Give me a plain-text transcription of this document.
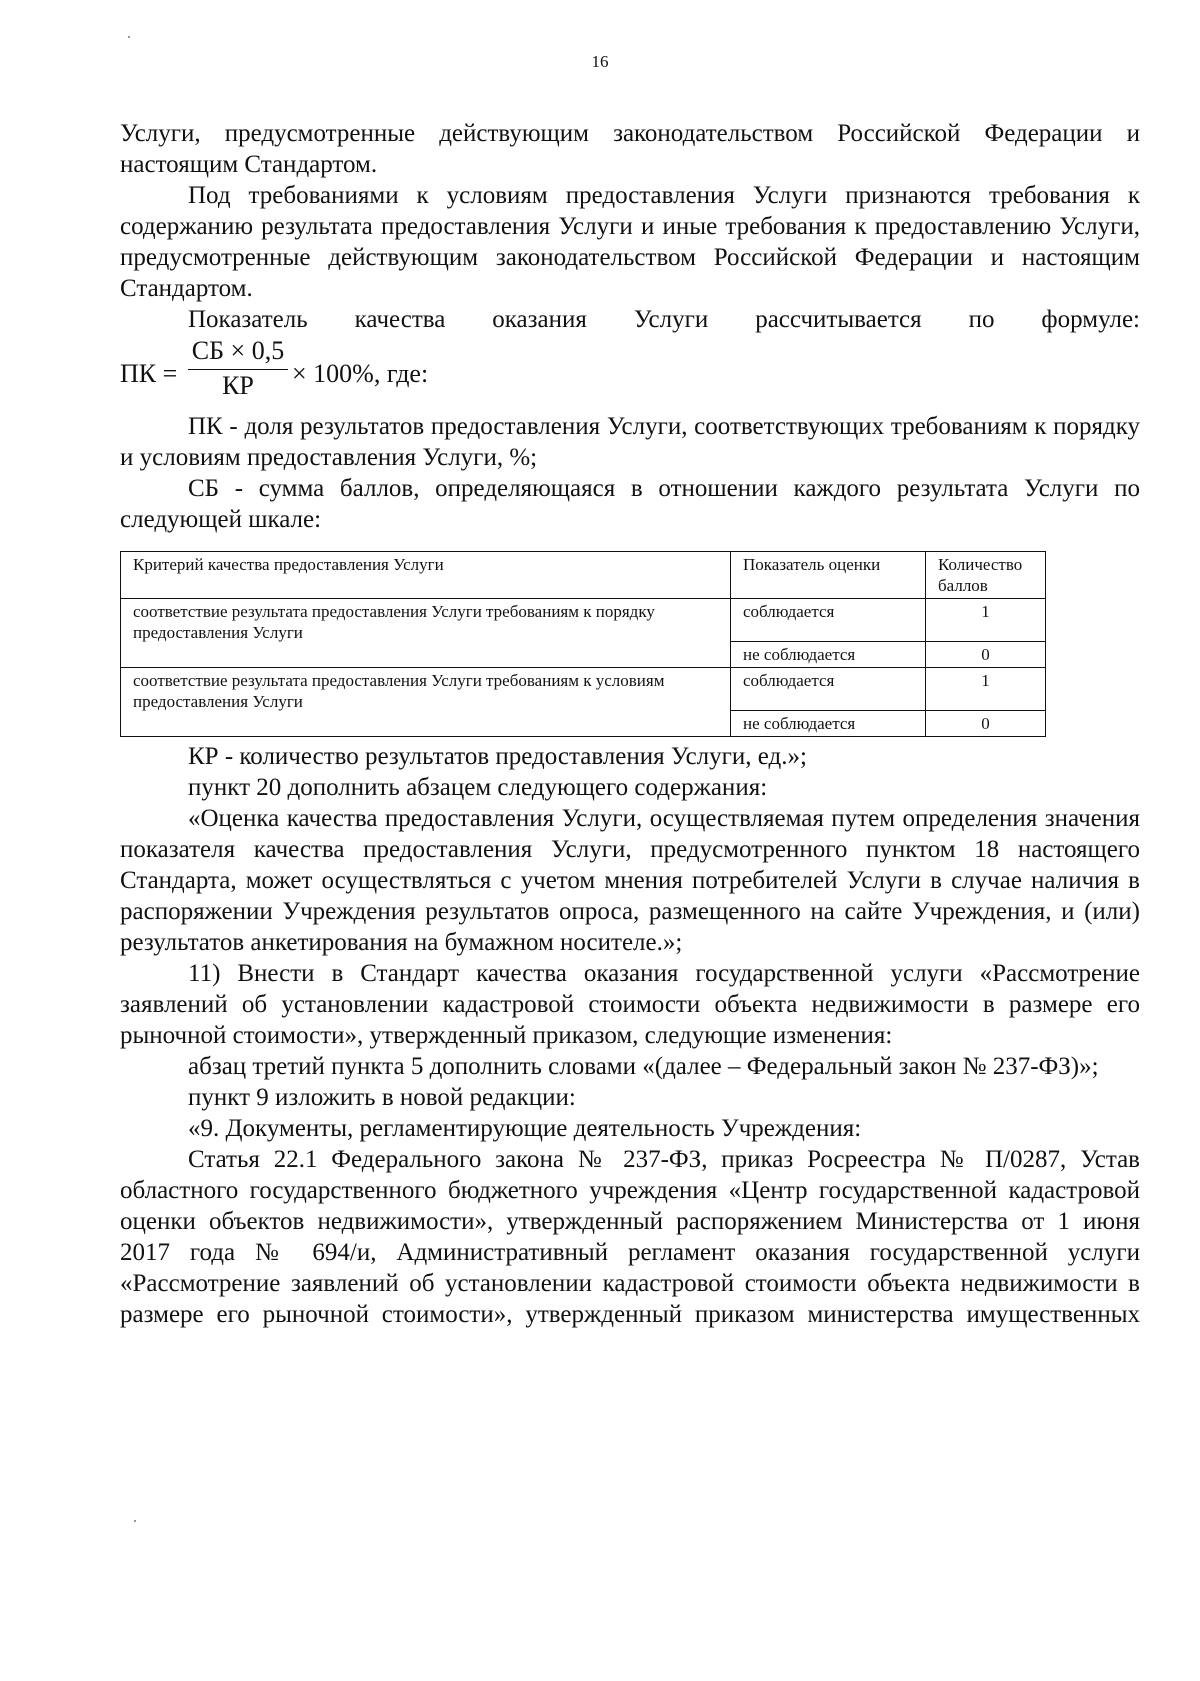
16

Услуги, предусмотренные действующим законодательством Российской Федерации и настоящим Стандартом.

Под требованиями к условиям предоставления Услуги признаются требования к содержанию результата предоставления Услуги и иные требования к предоставлению Услуги, предусмотренные действующим законодательством Российской Федерации и настоящим Стандартом.

Показатель качества оказания Услуги рассчитывается по формуле:

ПК =
СБ × 0,5
КР	× 100%, где:

ПК - доля результатов предоставления Услуги, соответствующих требованиям к порядку и условиям предоставления Услуги, %;

СБ - сумма баллов, определяющаяся в отношении каждого результата Услуги по следующей шкале:

Критерий качества предоставления Услуги	Показатель оценки	Количество баллов
соответствие результата предоставления Услуги требованиям к порядку предоставления Услуги	соблюдается	1
	не соблюдается	0
соответствие результата предоставления Услуги требованиям к условиям предоставления Услуги	соблюдается	1
	не соблюдается	0

КР - количество результатов предоставления Услуги, ед.»;

пункт 20 дополнить абзацем следующего содержания:

«Оценка качества предоставления Услуги, осуществляемая путем определения значения показателя качества предоставления Услуги, предусмотренного пунктом 18 настоящего Стандарта, может осуществляться с учетом мнения потребителей Услуги в случае наличия в распоряжении Учреждения результатов опроса, размещенного на сайте Учреждения, и (или) результатов анкетирования на бумажном носителе.»;

11) Внести в Стандарт качества оказания государственной услуги «Рассмотрение заявлений об установлении кадастровой стоимости объекта недвижимости в размере его рыночной стоимости», утвержденный приказом, следующие изменения:

абзац третий пункта 5 дополнить словами «(далее – Федеральный закон № 237-ФЗ)»;

пункт 9 изложить в новой редакции:

«9. Документы, регламентирующие деятельность Учреждения:

Статья 22.1 Федерального закона № 237-ФЗ, приказ Росреестра № П/0287, Устав областного государственного бюджетного учреждения «Центр государственной кадастровой оценки объектов недвижимости», утвержденный распоряжением Министерства от 1 июня 2017 года № 694/и, Административный регламент оказания государственной услуги «Рассмотрение заявлений об установлении кадастровой стоимости объекта недвижимости в размере его рыночной стоимости», утвержденный приказом министерства имущественных
